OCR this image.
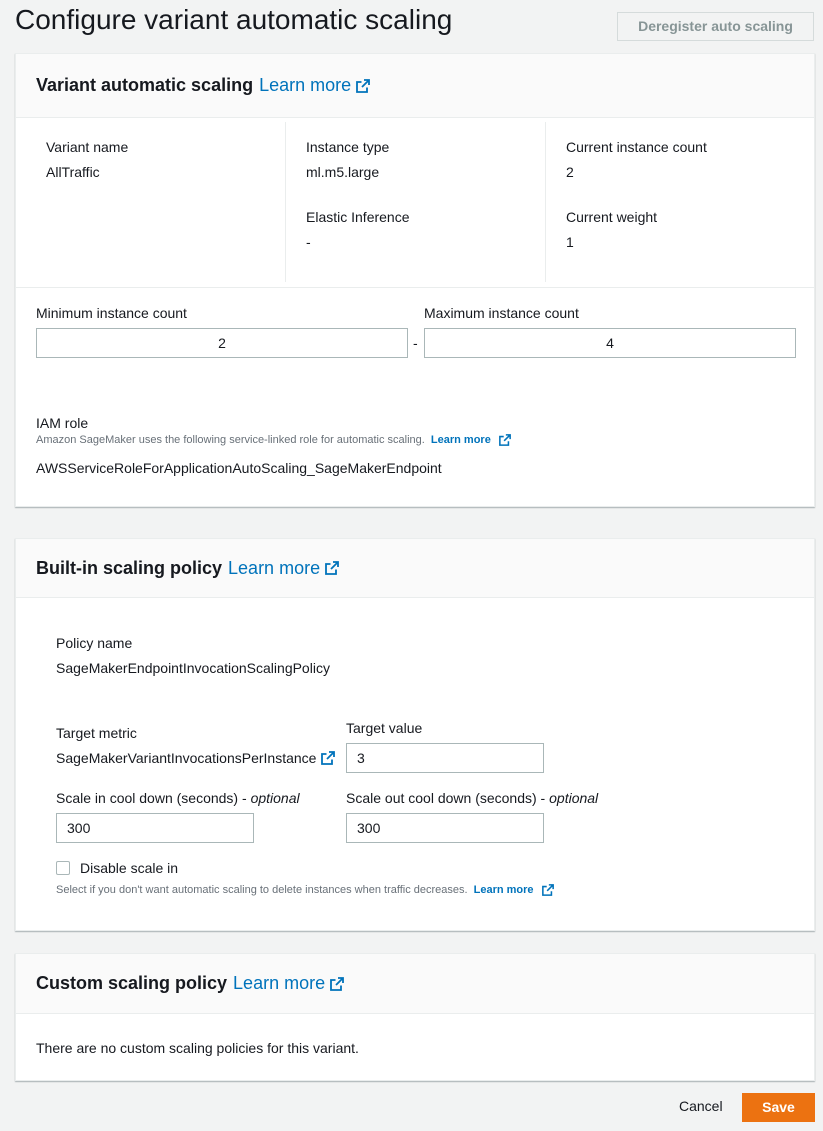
Configure variant automatic scaling	Deregister auto scaling
Variant automatic scaling Learn more
Variant name
AllTraffic
Instance type
ml.m5.large
Elastic Inference
-
Current instance count
2
Current weight
1
Minimum instance count
2
-
Maximum instance count
4
IAM role
Amazon SageMaker uses the following service-linked role for automatic scaling. Learn more
AWSServiceRoleForApplicationAutoScaling_SageMakerEndpoint
Built-in scaling policy Learn more
Policy name
SageMakerEndpointInvocationScalingPolicy
Target metric
SageMakerVariantInvocationsPerInstance
Target value
3
Scale in cool down (seconds) - optional
300	Scale out cool down (seconds) - optional
300
Disable scale in
Select if you don't want automatic scaling to delete instances when traffic decreases. Learn more
Custom scaling policy Learn more
There are no custom scaling policies for this variant.
Cancel	Save
